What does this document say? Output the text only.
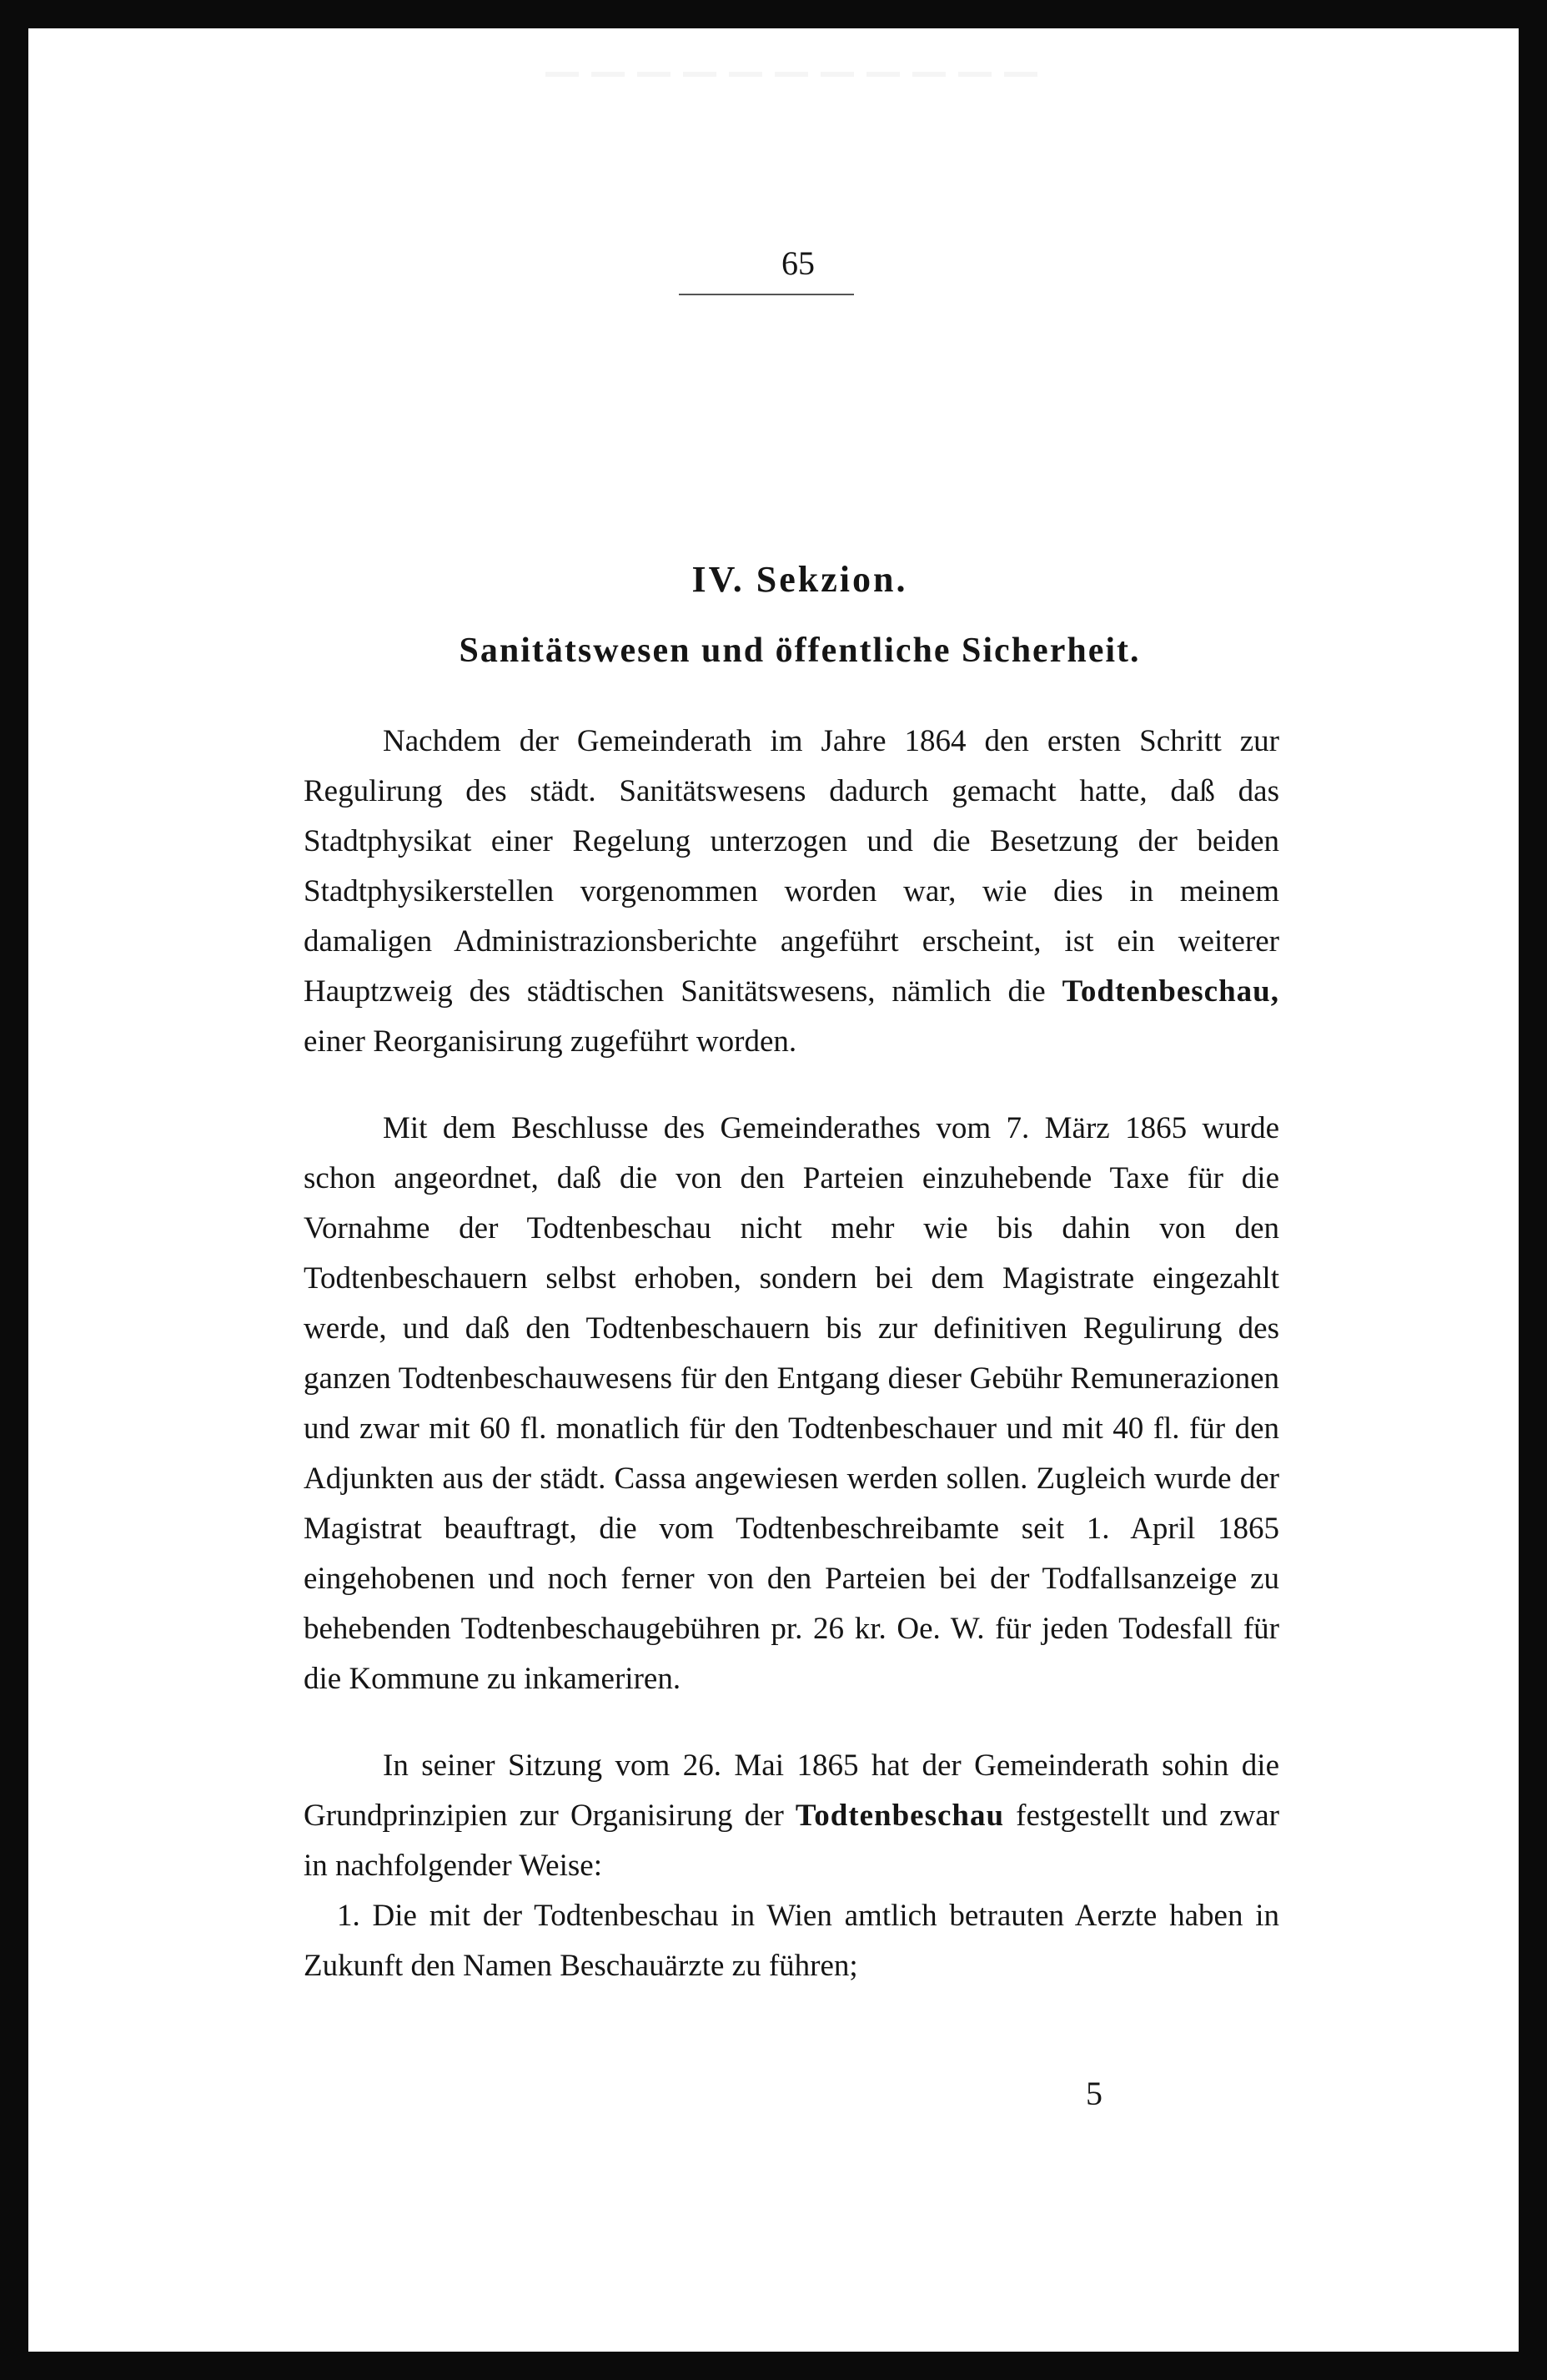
65
IV. Sekzion.
Sanitätswesen und öffentliche Sicherheit.

Nachdem der Gemeinderath im Jahre 1864 den ersten Schritt zur Regulirung des städt. Sanitätswesens dadurch gemacht hatte, daß das Stadtphysikat einer Regelung unterzogen und die Besetzung der beiden Stadtphysikerstellen vorgenommen worden war, wie dies in meinem damaligen Administrazionsberichte angeführt erscheint, ist ein weiterer Hauptzweig des städtischen Sanitätswesens, nämlich die Todtenbeschau, einer Reorganisirung zugeführt worden.

Mit dem Beschlusse des Gemeinderathes vom 7. März 1865 wurde schon angeordnet, daß die von den Parteien einzuhebende Taxe für die Vornahme der Todtenbeschau nicht mehr wie bis dahin von den Todtenbeschauern selbst erhoben, sondern bei dem Magistrate eingezahlt werde, und daß den Todtenbeschauern bis zur definitiven Regulirung des ganzen Todtenbeschauwesens für den Entgang dieser Gebühr Remunerazionen und zwar mit 60 fl. monatlich für den Todtenbeschauer und mit 40 fl. für den Adjunkten aus der städt. Cassa angewiesen werden sollen. Zugleich wurde der Magistrat beauftragt, die vom Todtenbeschreibamte seit 1. April 1865 eingehobenen und noch ferner von den Parteien bei der Todfallsanzeige zu behebenden Todtenbeschaugebühren pr. 26 kr. Oe. W. für jeden Todesfall für die Kommune zu inkameriren.

In seiner Sitzung vom 26. Mai 1865 hat der Gemeinderath sohin die Grundprinzipien zur Organisirung der Todtenbeschau festgestellt und zwar in nachfolgender Weise:

1. Die mit der Todtenbeschau in Wien amtlich betrauten Aerzte haben in Zukunft den Namen Beschauärzte zu führen;

5
